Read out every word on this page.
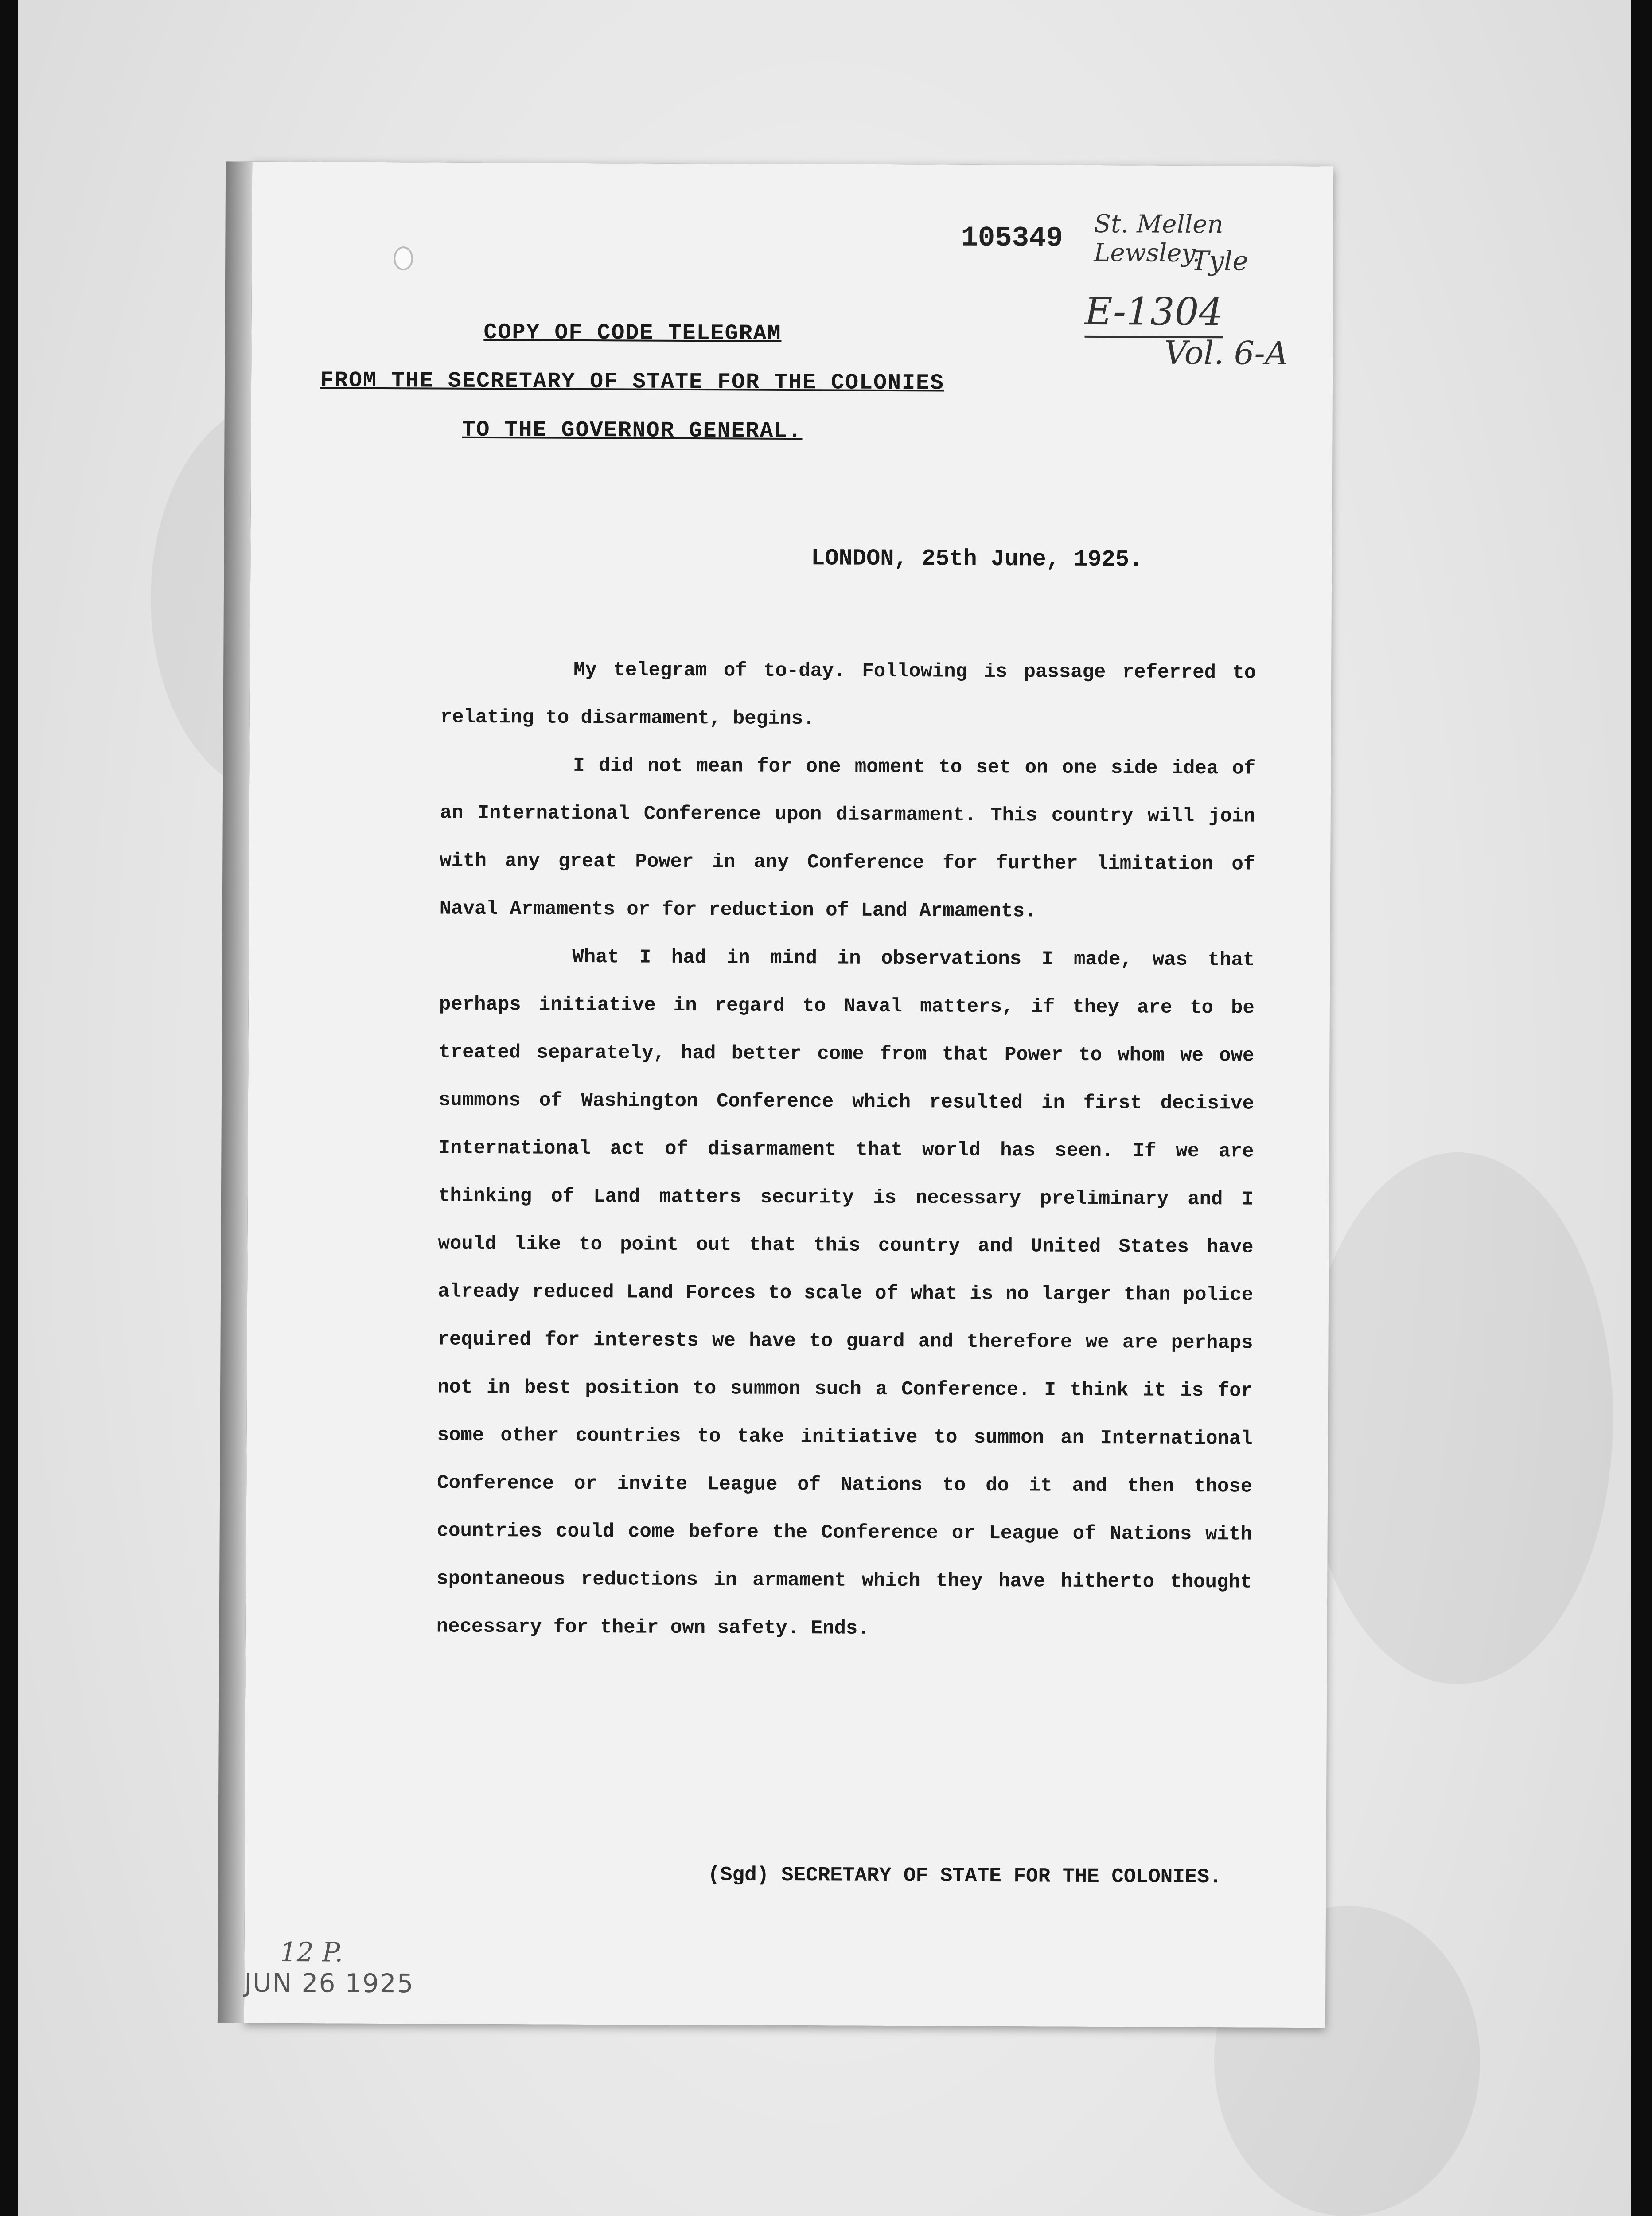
105349 St. Mellen Lewsley.
Tyle
E-1304
Vol. 6-A
COPY OF CODE TELEGRAM
FROM THE SECRETARY OF STATE FOR THE COLONIES
TO THE GOVERNOR GENERAL.
LONDON, 25th June, 1925.

My telegram of to-day. Following is passage referred to relating to disarmament, begins.

I did not mean for one moment to set on one side idea of an International Conference upon disarmament. This country will join with any great Power in any Conference for further limitation of Naval Armaments or for reduction of Land Armaments.

What I had in mind in observations I made, was that perhaps initiative in regard to Naval matters, if they are to be treated separately, had better come from that Power to whom we owe summons of Washington Conference which resulted in first decisive International act of disarmament that world has seen. If we are thinking of Land matters security is necessary preliminary and I would like to point out that this country and United States have already reduced Land Forces to scale of what is no larger than police required for interests we have to guard and therefore we are perhaps not in best position to summon such a Conference. I think it is for some other countries to take initiative to summon an International Conference or invite League of Nations to do it and then those countries could come before the Conference or League of Nations with spontaneous reductions in armament which they have hitherto thought necessary for their own safety. Ends.

(Sgd) SECRETARY OF STATE FOR THE COLONIES.
12 P.
JUN 26 1925
